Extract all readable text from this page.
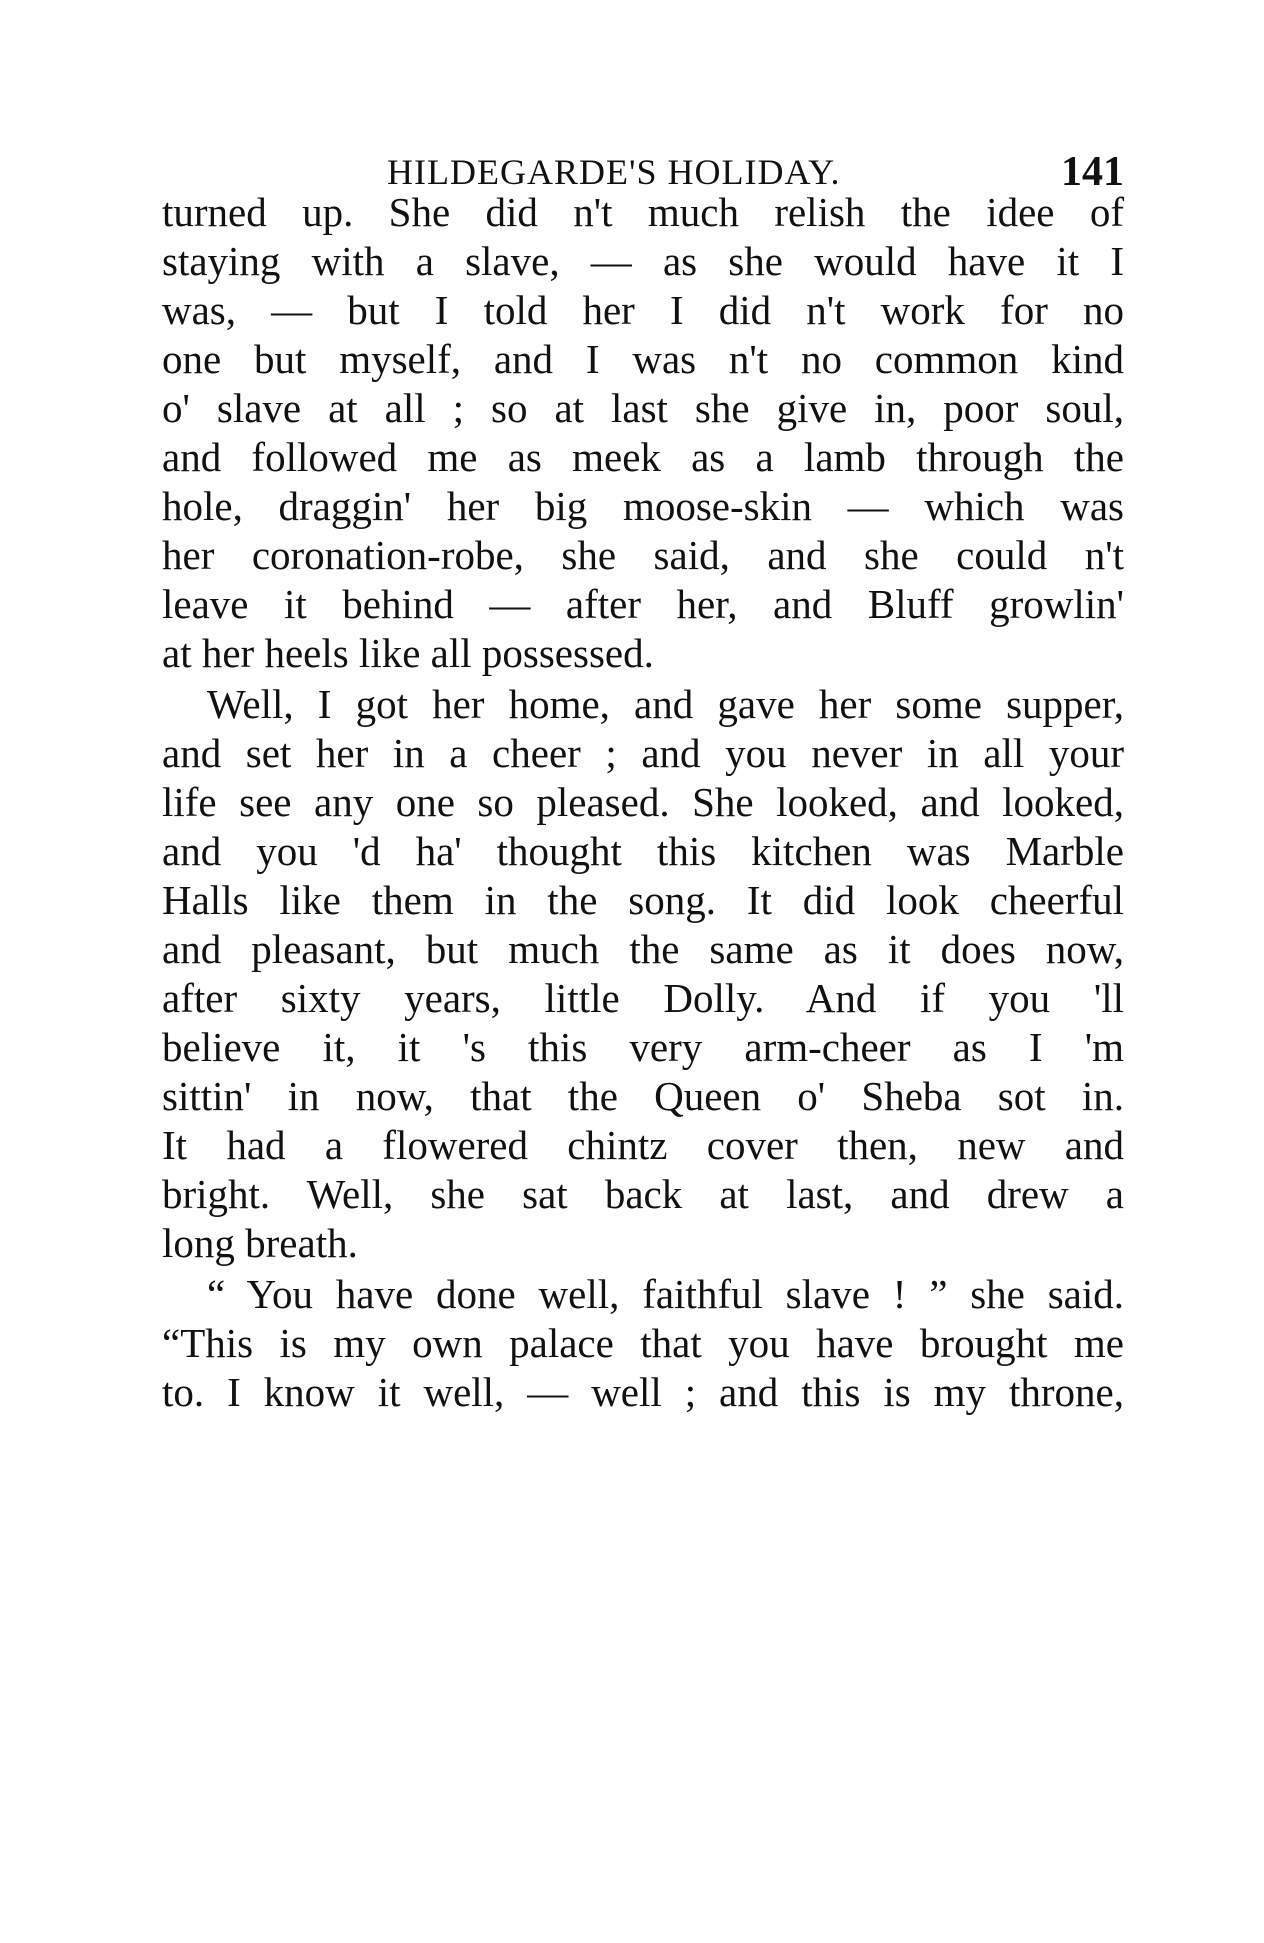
HILDEGARDE'S HOLIDAY.	141
turned up. She did n't much relish the idee of
staying with a slave, — as she would have it I
was, — but I told her I did n't work for no
one but myself, and I was n't no common kind
o' slave at all ; so at last she give in, poor soul,
and followed me as meek as a lamb through the
hole, draggin' her big moose-skin — which was
her coronation-robe, she said, and she could n't
leave it behind — after her, and Bluff growlin'
at her heels like all possessed.
Well, I got her home, and gave her some supper,
and set her in a cheer ; and you never in all your
life see any one so pleased. She looked, and looked,
and you 'd ha' thought this kitchen was Marble
Halls like them in the song. It did look cheerful
and pleasant, but much the same as it does now,
after sixty years, little Dolly. And if you 'll
believe it, it 's this very arm-cheer as I 'm
sittin' in now, that the Queen o' Sheba sot in.
It had a flowered chintz cover then, new and
bright. Well, she sat back at last, and drew a
long breath.
“ You have done well, faithful slave ! ” she said.
“This is my own palace that you have brought me
to. I know it well, — well ; and this is my throne,
